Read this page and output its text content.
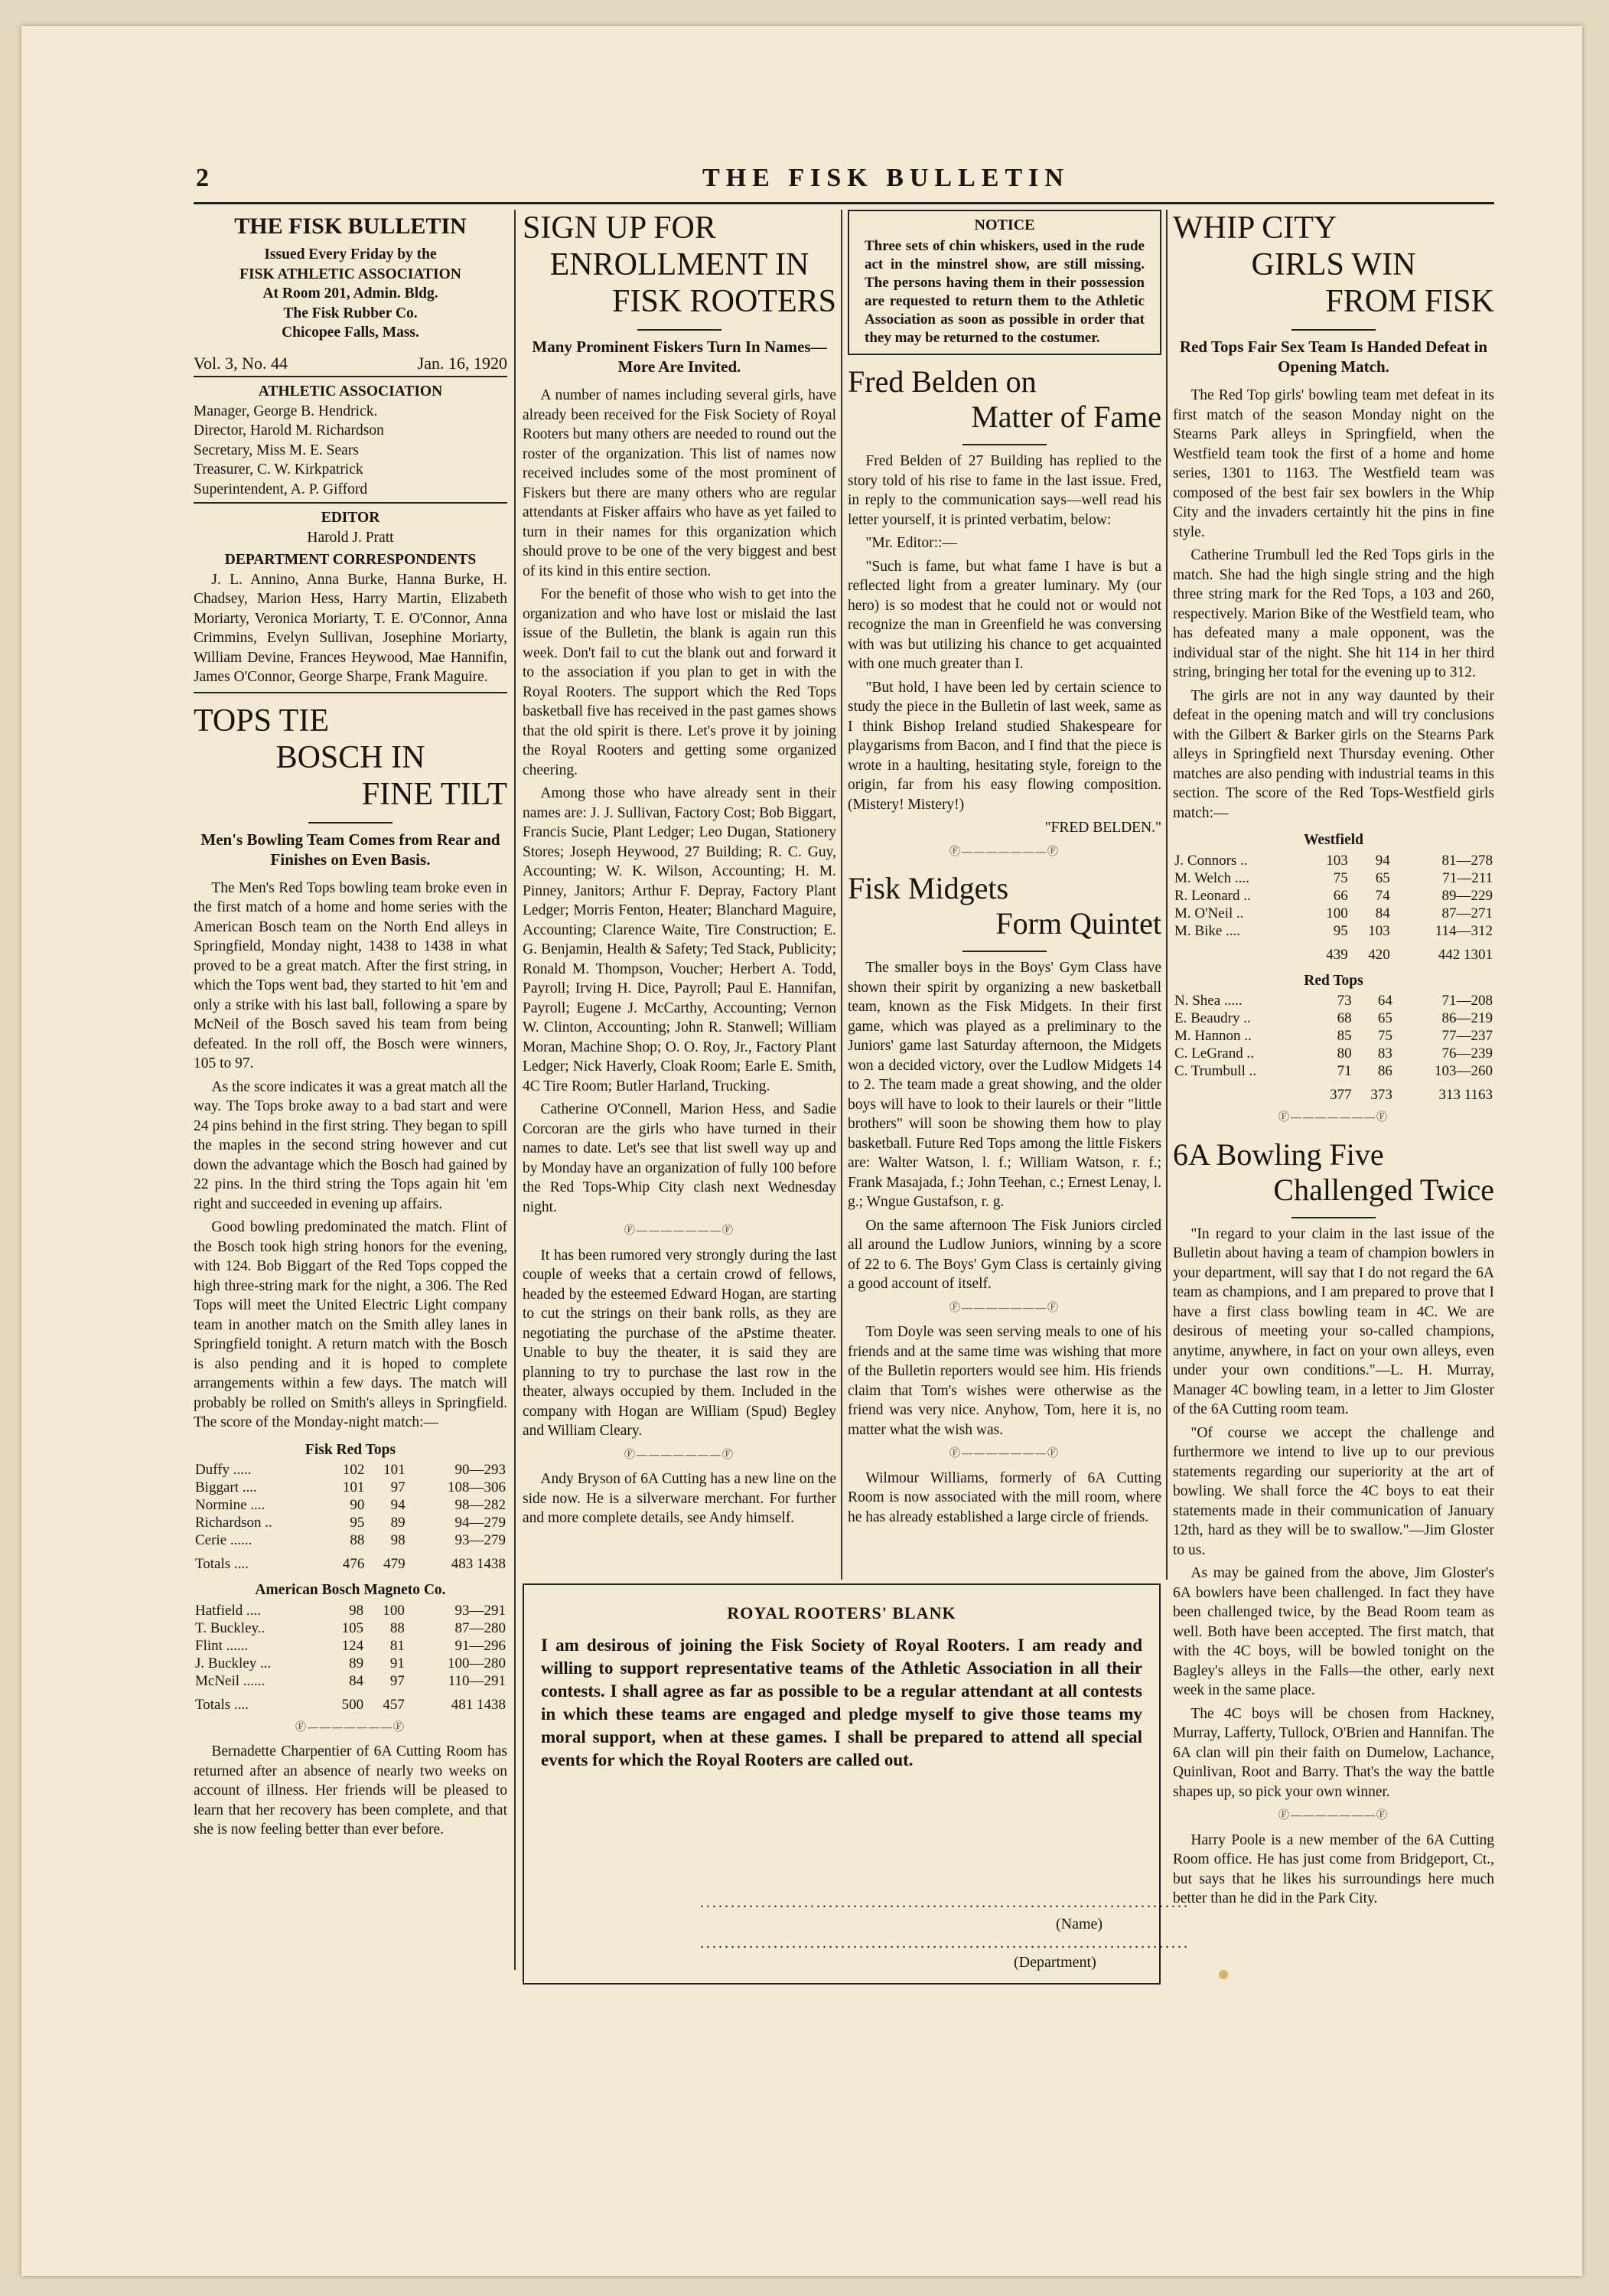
2	THE FISK BULLETIN
THE FISK BULLETIN
Issued Every Friday by the
FISK ATHLETIC ASSOCIATION
At Room 201, Admin. Bldg.
The Fisk Rubber Co.
Chicopee Falls, Mass.
Vol. 3, No. 44	Jan. 16, 1920
ATHLETIC ASSOCIATION
Manager, George B. Hendrick.
Director, Harold M. Richardson
Secretary, Miss M. E. Sears
Treasurer, C. W. Kirkpatrick
Superintendent, A. P. Gifford
EDITOR
Harold J. Pratt
DEPARTMENT CORRESPONDENTS

J. L. Annino, Anna Burke, Hanna Burke, H. Chadsey, Marion Hess, Harry Martin, Elizabeth Moriarty, Veronica Moriarty, T. E. O'Connor, Anna Crimmins, Evelyn Sullivan, Josephine Moriarty, William Devine, Frances Heywood, Mae Hannifin, James O'Connor, George Sharpe, Frank Maguire.

TOPS TIE
BOSCH IN
FINE TILT
Men's Bowling Team Comes from Rear and Finishes on Even Basis.

The Men's Red Tops bowling team broke even in the first match of a home and home series with the American Bosch team on the North End alleys in Springfield, Monday night, 1438 to 1438 in what proved to be a great match. After the first string, in which the Tops went bad, they started to hit 'em and only a strike with his last ball, following a spare by McNeil of the Bosch saved his team from being defeated. In the roll off, the Bosch were winners, 105 to 97.

As the score indicates it was a great match all the way. The Tops broke away to a bad start and were 24 pins behind in the first string. They began to spill the maples in the second string however and cut down the advantage which the Bosch had gained by 22 pins. In the third string the Tops again hit 'em right and succeeded in evening up affairs.

Good bowling predominated the match. Flint of the Bosch took high string honors for the evening, with 124. Bob Biggart of the Red Tops copped the high three-string mark for the night, a 306. The Red Tops will meet the United Electric Light company team in another match on the Smith alley lanes in Springfield tonight. A return match with the Bosch is also pending and it is hoped to complete arrangements within a few days. The match will probably be rolled on Smith's alleys in Springfield. The score of the Monday-night match:—

Fisk Red Tops
Duffy .....	102	101	90—293
Biggart ....	101	97	108—306
Normine ....	90	94	98—282
Richardson ..	95	89	94—279
Cerie ......	88	98	93—279
Totals ....	476	479	483 1438
American Bosch Magneto Co.
Hatfield ....	98	100	93—291
T. Buckley..	105	88	87—280
Flint ......	124	81	91—296
J. Buckley ...	89	91	100—280
McNeil ......	84	97	110—291
Totals ....	500	457	481 1438
Ⓕ———————Ⓕ

Bernadette Charpentier of 6A Cutting Room has returned after an absence of nearly two weeks on account of illness. Her friends will be pleased to learn that her recovery has been complete, and that she is now feeling better than ever before.

SIGN UP FOR
ENROLLMENT IN
FISK ROOTERS
Many Prominent Fiskers Turn In Names—More Are Invited.

A number of names including several girls, have already been received for the Fisk Society of Royal Rooters but many others are needed to round out the roster of the organization. This list of names now received includes some of the most prominent of Fiskers but there are many others who are regular attendants at Fisker affairs who have as yet failed to turn in their names for this organization which should prove to be one of the very biggest and best of its kind in this entire section.

For the benefit of those who wish to get into the organization and who have lost or mislaid the last issue of the Bulletin, the blank is again run this week. Don't fail to cut the blank out and forward it to the association if you plan to get in with the Royal Rooters. The support which the Red Tops basketball five has received in the past games shows that the old spirit is there. Let's prove it by joining the Royal Rooters and getting some organized cheering.

Among those who have already sent in their names are: J. J. Sullivan, Factory Cost; Bob Biggart, Francis Sucie, Plant Ledger; Leo Dugan, Stationery Stores; Joseph Heywood, 27 Building; R. C. Guy, Accounting; W. K. Wilson, Accounting; H. M. Pinney, Janitors; Arthur F. Depray, Factory Plant Ledger; Morris Fenton, Heater; Blanchard Maguire, Accounting; Clarence Waite, Tire Construction; E. G. Benjamin, Health & Safety; Ted Stack, Publicity; Ronald M. Thompson, Voucher; Herbert A. Todd, Payroll; Irving H. Dice, Payroll; Paul E. Hannifan, Payroll; Eugene J. McCarthy, Accounting; Vernon W. Clinton, Accounting; John R. Stanwell; William Moran, Machine Shop; O. O. Roy, Jr., Factory Plant Ledger; Nick Haverly, Cloak Room; Earle E. Smith, 4C Tire Room; Butler Harland, Trucking.

Catherine O'Connell, Marion Hess, and Sadie Corcoran are the girls who have turned in their names to date. Let's see that list swell way up and by Monday have an organization of fully 100 before the Red Tops-Whip City clash next Wednesday night.

Ⓕ———————Ⓕ

It has been rumored very strongly during the last couple of weeks that a certain crowd of fellows, headed by the esteemed Edward Hogan, are starting to cut the strings on their bank rolls, as they are negotiating the purchase of the aPstime theater. Unable to buy the theater, it is said they are planning to try to purchase the last row in the theater, always occupied by them. Included in the company with Hogan are William (Spud) Begley and William Cleary.

Ⓕ———————Ⓕ

Andy Bryson of 6A Cutting has a new line on the side now. He is a silverware merchant. For further and more complete details, see Andy himself.

NOTICE
Three sets of chin whiskers, used in the rude act in the minstrel show, are still missing. The persons having them in their possession are requested to return them to the Athletic Association as soon as possible in order that they may be returned to the costumer.
Fred Belden on
Matter of Fame

Fred Belden of 27 Building has replied to the story told of his rise to fame in the last issue. Fred, in reply to the communication says—well read his letter yourself, it is printed verbatim, below:

"Mr. Editor::—

"Such is fame, but what fame I have is but a reflected light from a greater luminary. My (our hero) is so modest that he could not or would not recognize the man in Greenfield he was conversing with was but utilizing his chance to get acquainted with one much greater than I.

"But hold, I have been led by certain science to study the piece in the Bulletin of last week, same as I think Bishop Ireland studied Shakespeare for playgarisms from Bacon, and I find that the piece is wrote in a haulting, hesitating style, foreign to the origin, far from his easy flowing composition. (Mistery! Mistery!)

"FRED BELDEN."
Ⓕ———————Ⓕ
Fisk Midgets
Form Quintet

The smaller boys in the Boys' Gym Class have shown their spirit by organizing a new basketball team, known as the Fisk Midgets. In their first game, which was played as a preliminary to the Juniors' game last Saturday afternoon, the Midgets won a decided victory, over the Ludlow Midgets 14 to 2. The team made a great showing, and the older boys will have to look to their laurels or their "little brothers" will soon be showing them how to play basketball. Future Red Tops among the little Fiskers are: Walter Watson, l. f.; William Watson, r. f.; Frank Masajada, f.; John Teehan, c.; Ernest Lenay, l. g.; Wngue Gustafson, r. g.

On the same afternoon The Fisk Juniors circled all around the Ludlow Juniors, winning by a score of 22 to 6. The Boys' Gym Class is certainly giving a good account of itself.

Ⓕ———————Ⓕ

Tom Doyle was seen serving meals to one of his friends and at the same time was wishing that more of the Bulletin reporters would see him. His friends claim that Tom's wishes were otherwise as the friend was very nice. Anyhow, Tom, here it is, no matter what the wish was.

Ⓕ———————Ⓕ

Wilmour Williams, formerly of 6A Cutting Room is now associated with the mill room, where he has already established a large circle of friends.

WHIP CITY
GIRLS WIN
FROM FISK
Red Tops Fair Sex Team Is Handed Defeat in Opening Match.

The Red Top girls' bowling team met defeat in its first match of the season Monday night on the Stearns Park alleys in Springfield, when the Westfield team took the first of a home and home series, 1301 to 1163. The Westfield team was composed of the best fair sex bowlers in the Whip City and the invaders certaintly hit the pins in fine style.

Catherine Trumbull led the Red Tops girls in the match. She had the high single string and the high three string mark for the Red Tops, a 103 and 260, respectively. Marion Bike of the Westfield team, who has defeated many a male opponent, was the individual star of the night. She hit 114 in her third string, bringing her total for the evening up to 312.

The girls are not in any way daunted by their defeat in the opening match and will try conclusions with the Gilbert & Barker girls on the Stearns Park alleys in Springfield next Thursday evening. Other matches are also pending with industrial teams in this section. The score of the Red Tops-Westfield girls match:—

Westfield
J. Connors ..	103	94	81—278
M. Welch ....	75	65	71—211
R. Leonard ..	66	74	89—229
M. O'Neil ..	100	84	87—271
M. Bike ....	95	103	114—312
	439	420	442 1301
Red Tops
N. Shea .....	73	64	71—208
E. Beaudry ..	68	65	86—219
M. Hannon ..	85	75	77—237
C. LeGrand ..	80	83	76—239
C. Trumbull ..	71	86	103—260
	377	373	313 1163
Ⓕ———————Ⓕ
6A Bowling Five
Challenged Twice

"In regard to your claim in the last issue of the Bulletin about having a team of champion bowlers in your department, will say that I do not regard the 6A team as champions, and I am prepared to prove that I have a first class bowling team in 4C. We are desirous of meeting your so-called champions, anytime, anywhere, in fact on your own alleys, even under your own conditions."—L. H. Murray, Manager 4C bowling team, in a letter to Jim Gloster of the 6A Cutting room team.

"Of course we accept the challenge and furthermore we intend to live up to our previous statements regarding our superiority at the art of bowling. We shall force the 4C boys to eat their statements made in their communication of January 12th, hard as they will be to swallow."—Jim Gloster to us.

As may be gained from the above, Jim Gloster's 6A bowlers have been challenged. In fact they have been challenged twice, by the Bead Room team as well. Both have been accepted. The first match, that with the 4C boys, will be bowled tonight on the Bagley's alleys in the Falls—the other, early next week in the same place.

The 4C boys will be chosen from Hackney, Murray, Lafferty, Tullock, O'Brien and Hannifan. The 6A clan will pin their faith on Dumelow, Lachance, Quinlivan, Root and Barry. That's the way the battle shapes up, so pick your own winner.

Ⓕ———————Ⓕ

Harry Poole is a new member of the 6A Cutting Room office. He has just come from Bridgeport, Ct., but says that he likes his surroundings here much better than he did in the Park City.

ROYAL ROOTERS' BLANK
I am desirous of joining the Fisk Society of Royal Rooters. I am ready and willing to support representative teams of the Athletic Association in all their contests. I shall agree as far as possible to be a regular attendant at all contests in which these teams are engaged and pledge myself to give those teams my moral support, when at these games. I shall be prepared to attend all special events for which the Royal Rooters are called out.
................................................................................
(Name)
................................................................................
(Department)
